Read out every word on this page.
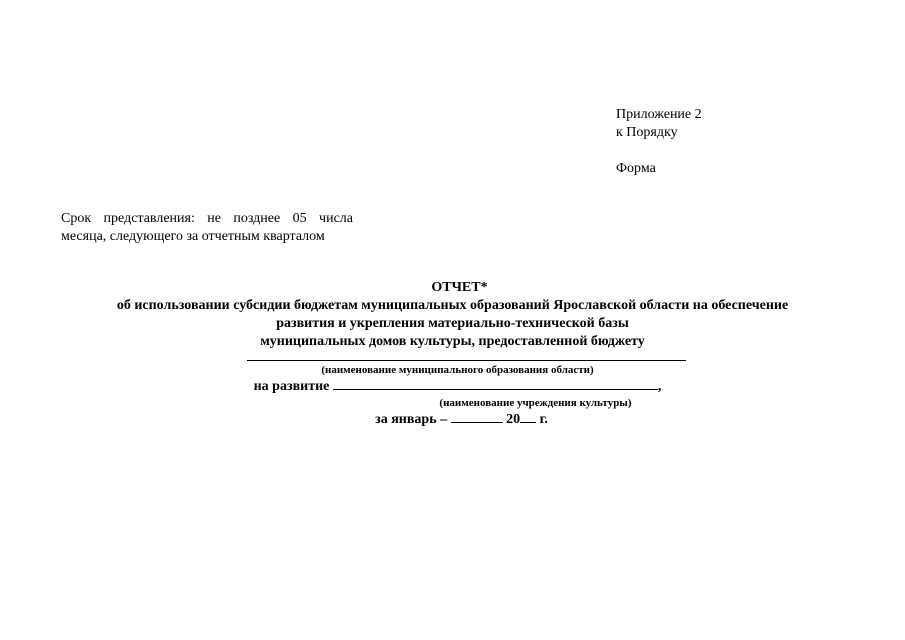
Приложение 2
к Порядку
Форма
Срок представления: не позднее 05 числа
месяца, следующего за отчетным кварталом
ОТЧЕТ*
об использовании субсидии бюджетам муниципальных образований Ярославской области на обеспечение
развития и укрепления материально-технической базы
муниципальных домов культуры, предоставленной бюджету
(наименование муниципального образования области)
на развитие	,
(наименование учреждения культуры)
за январь –	20 г.
